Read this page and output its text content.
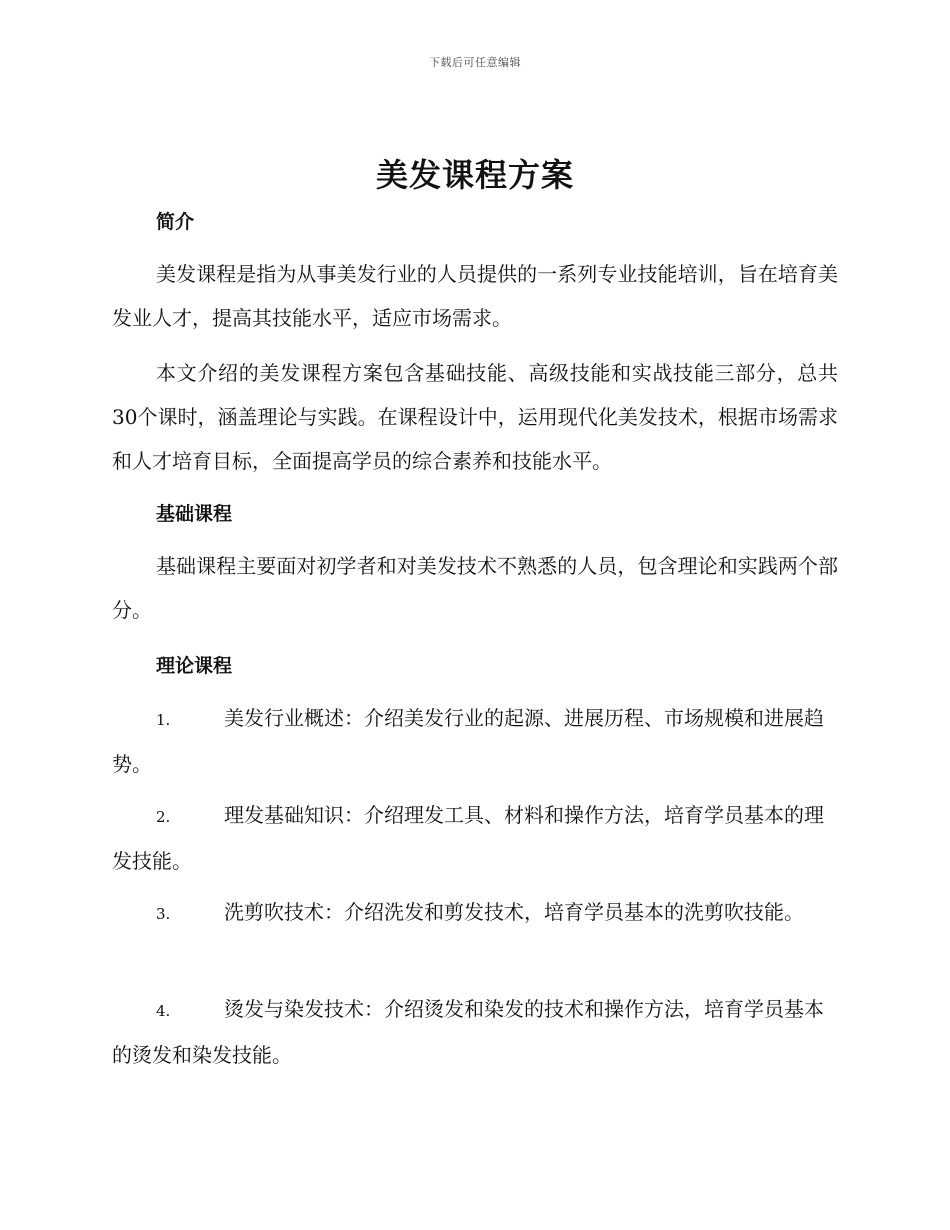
下载后可任意编辑
美发课程方案
简介
美发课程是指为从事美发行业的人员提供的一系列专业技能培训，旨在培育美发业人才，提高其技能水平，适应市场需求。
本文介绍的美发课程方案包含基础技能、高级技能和实战技能三部分，总共30个课时，涵盖理论与实践。在课程设计中，运用现代化美发技术，根据市场需求和人才培育目标，全面提高学员的综合素养和技能水平。
基础课程
基础课程主要面对初学者和对美发技术不熟悉的人员，包含理论和实践两个部分。
理论课程
1.	美发行业概述：介绍美发行业的起源、进展历程、市场规模和进展趋势。
2.	理发基础知识：介绍理发工具、材料和操作方法，培育学员基本的理发技能。
3.	洗剪吹技术：介绍洗发和剪发技术，培育学员基本的洗剪吹技能。
4.	烫发与染发技术：介绍烫发和染发的技术和操作方法，培育学员基本的烫发和染发技能。
